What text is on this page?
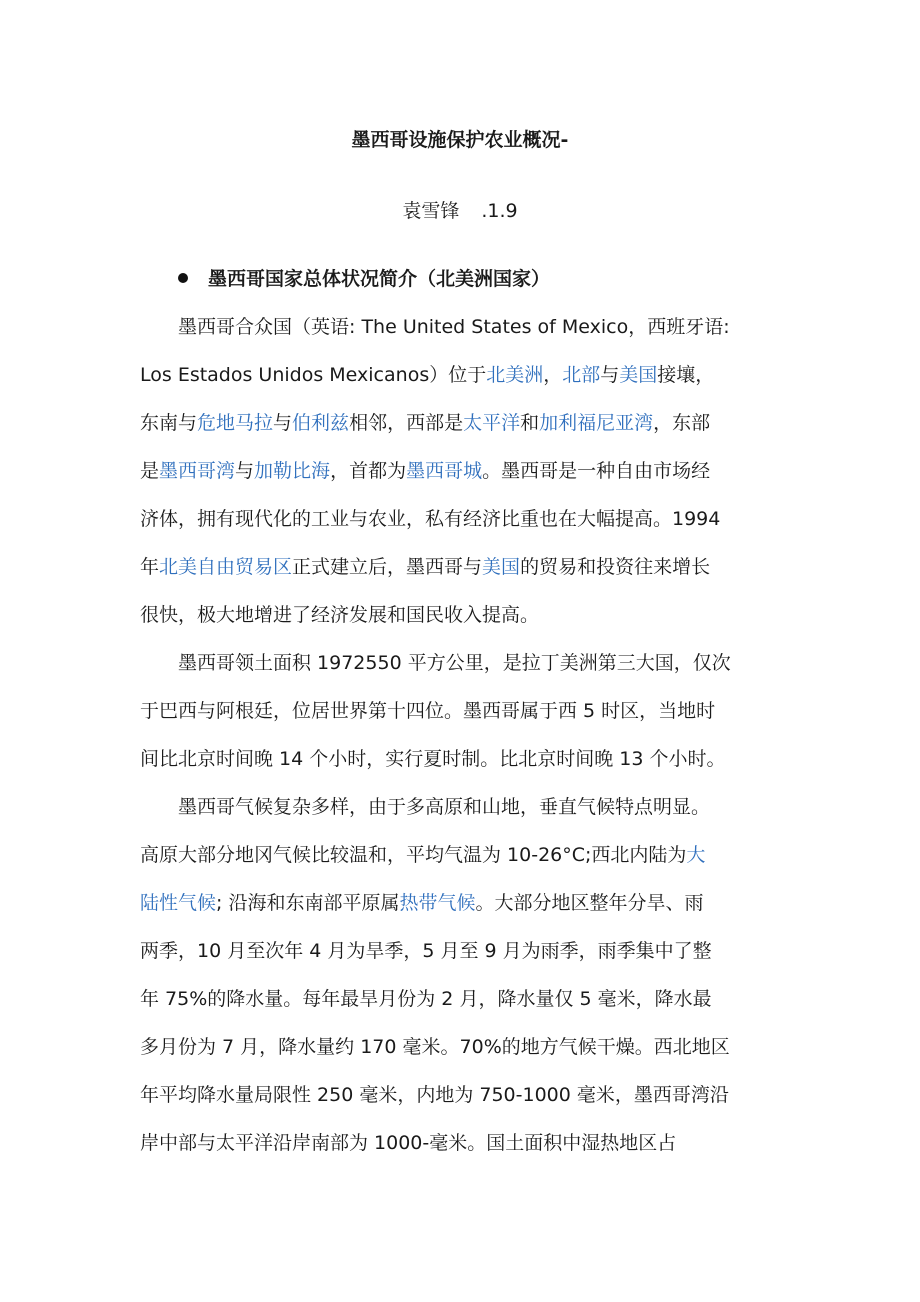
墨西哥设施保护农业概况-
袁雪锋 .1.9
墨西哥国家总体状况简介（北美洲国家）
墨西哥合众国（英语: The United States of Mexico，西班牙语:
Los Estados Unidos Mexicanos）位于北美洲，北部与美国接壤，
东南与危地马拉与伯利兹相邻，西部是太平洋和加利福尼亚湾，东部
是墨西哥湾与加勒比海，首都为墨西哥城。墨西哥是一种自由市场经
济体，拥有现代化的工业与农业，私有经济比重也在大幅提高。1994
年北美自由贸易区正式建立后，墨西哥与美国的贸易和投资往来增长
很快，极大地增进了经济发展和国民收入提高。
墨西哥领土面积 1972550 平方公里，是拉丁美洲第三大国，仅次
于巴西与阿根廷，位居世界第十四位。墨西哥属于西 5 时区，当地时
间比北京时间晚 14 个小时，实行夏时制。比北京时间晚 13 个小时。
墨西哥气候复杂多样，由于多高原和山地，垂直气候特点明显。
高原大部分地冈气候比较温和，平均气温为 10-26°C;西北内陆为大
陆性气候; 沿海和东南部平原属热带气候。大部分地区整年分旱、雨
两季，10 月至次年 4 月为旱季，5 月至 9 月为雨季，雨季集中了整
年 75%的降水量。每年最旱月份为 2 月，降水量仅 5 毫米，降水最
多月份为 7 月，降水量约 170 毫米。70%的地方气候干燥。西北地区
年平均降水量局限性 250 毫米，内地为 750-1000 毫米，墨西哥湾沿
岸中部与太平洋沿岸南部为 1000-毫米。国土面积中湿热地区占
